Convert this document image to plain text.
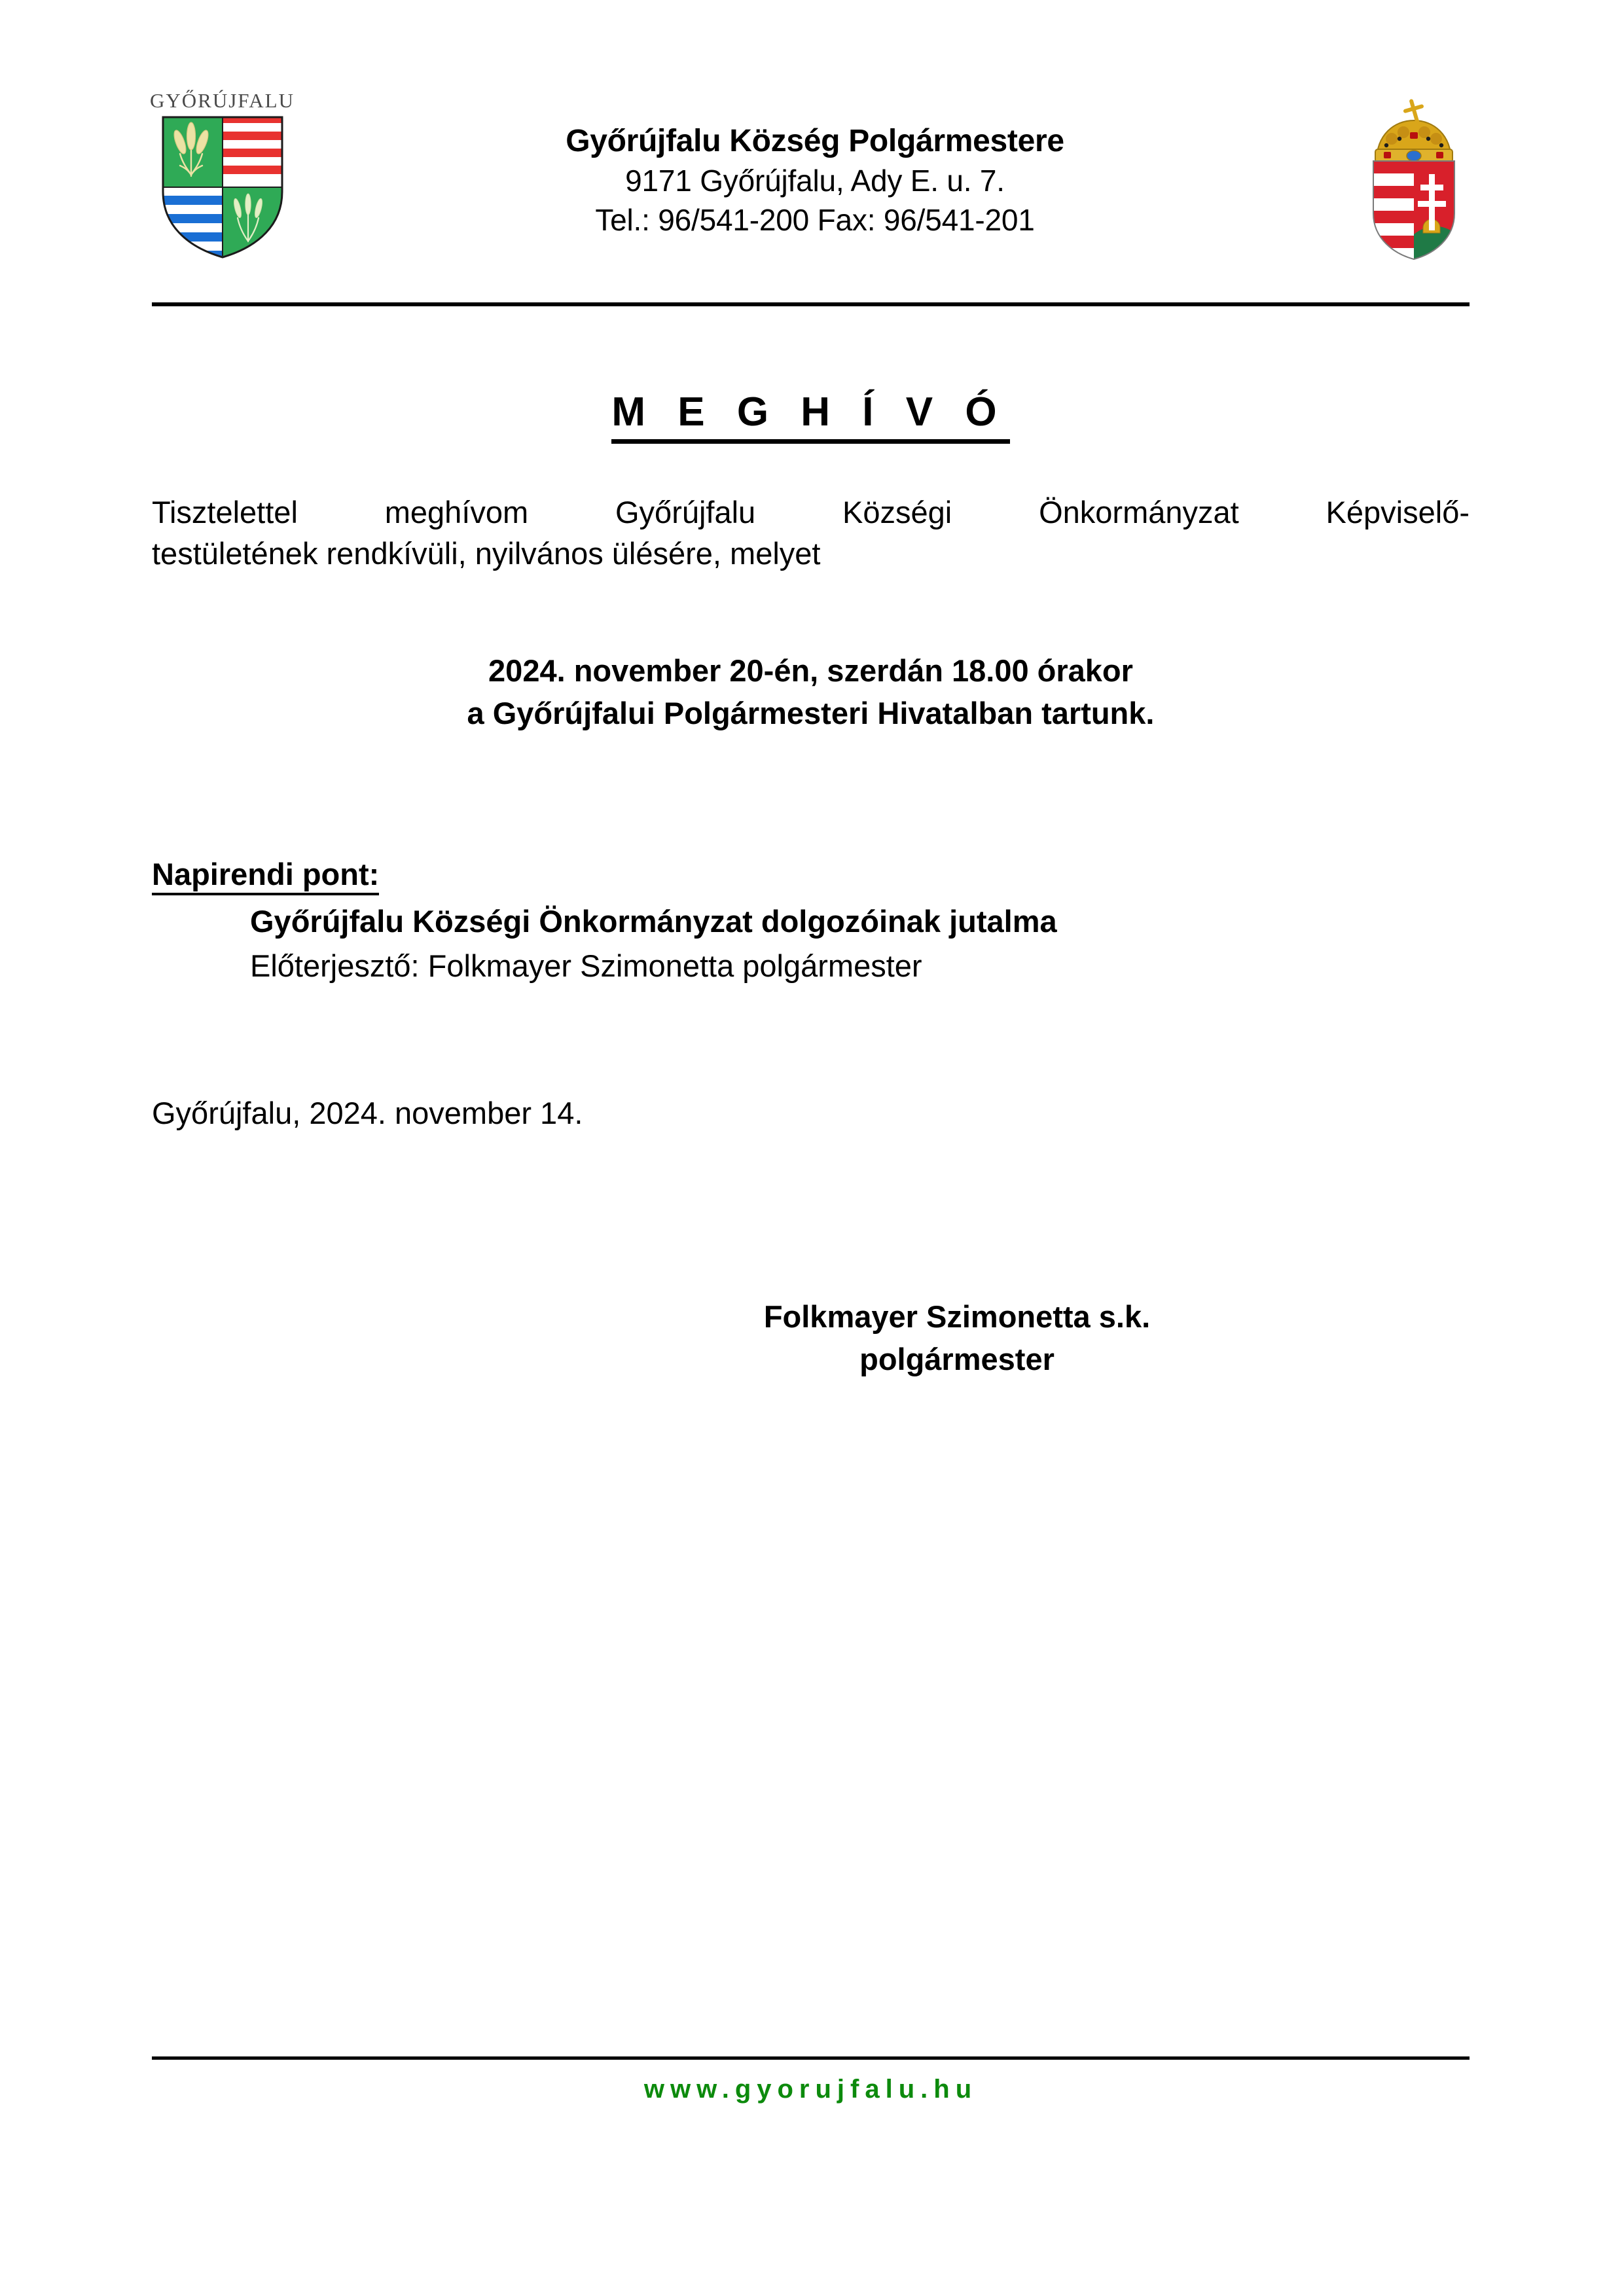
GYŐRÚJFALU
Győrújfalu Község Polgármestere
9171 Győrújfalu, Ady E. u. 7.
Tel.: 96/541-200 Fax: 96/541-201
M E G H Í V Ó
Tisztelettel meghívom Győrújfalu Községi Önkormányzat Képviselő-
testületének rendkívüli, nyilvános ülésére, melyet
2024. november 20-én, szerdán 18.00 órakor
a Győrújfalui Polgármesteri Hivatalban tartunk.
Napirendi pont:
Győrújfalu Községi Önkormányzat dolgozóinak jutalma
Előterjesztő: Folkmayer Szimonetta polgármester
Győrújfalu, 2024. november 14.
Folkmayer Szimonetta s.k.
polgármester
www.gyorujfalu.hu
